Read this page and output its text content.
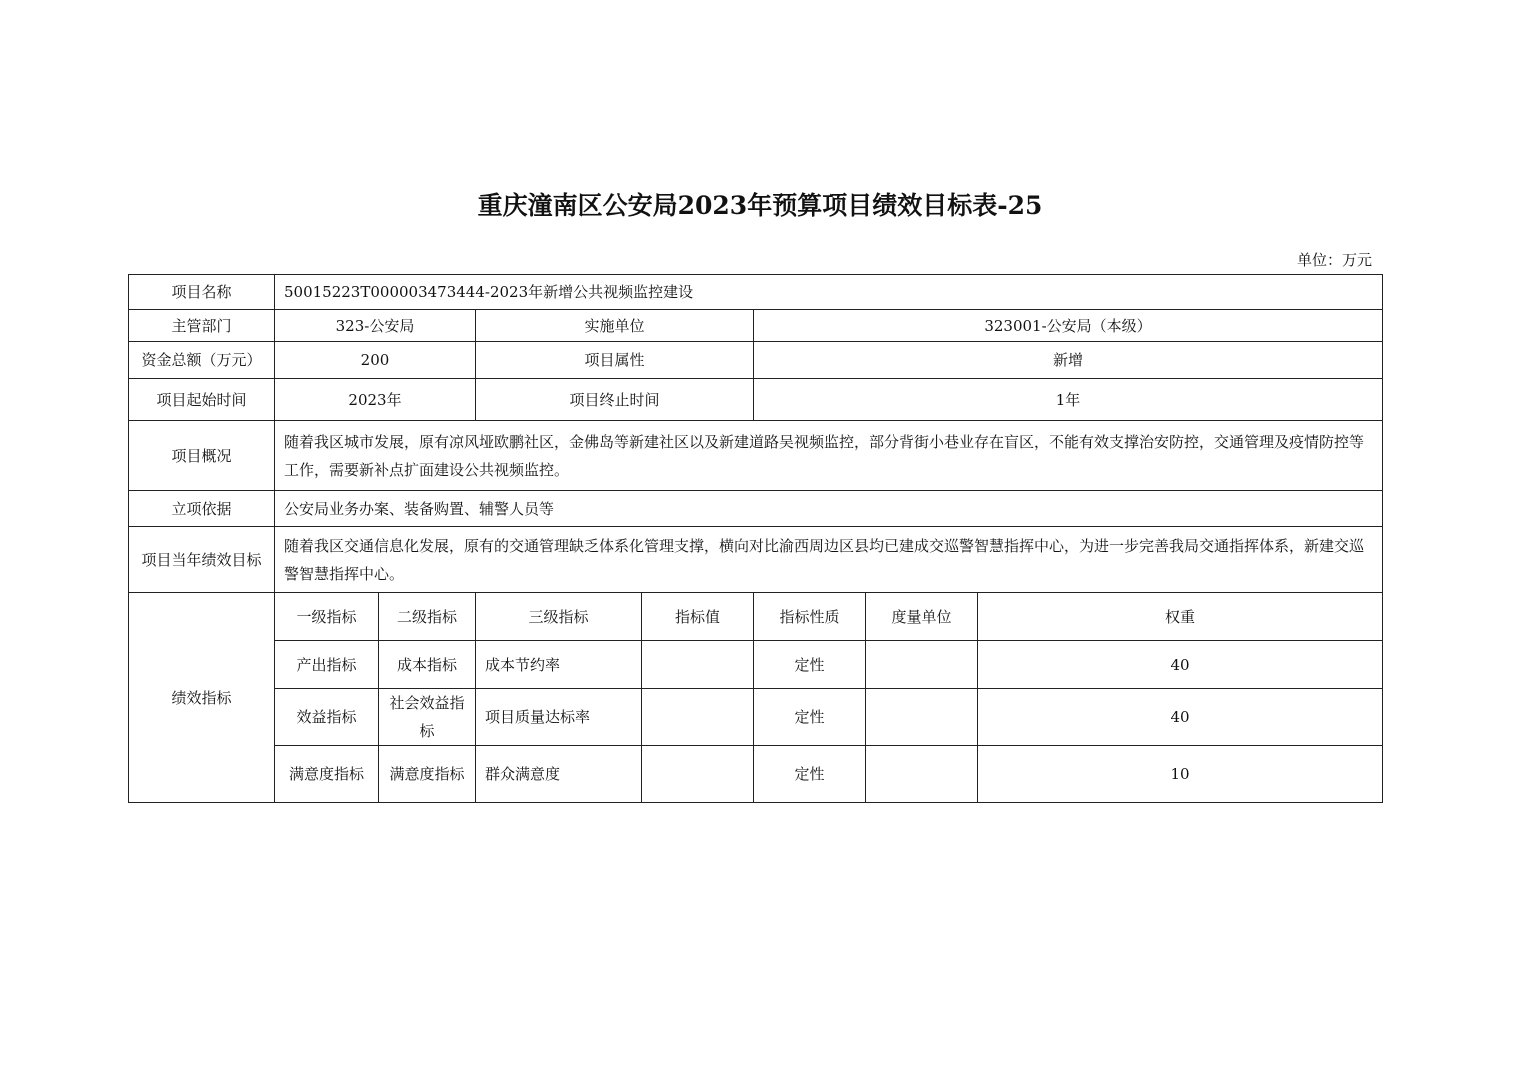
重庆潼南区公安局2023年预算项目绩效目标表-25
单位：万元
项目名称	50015223T000003473444-2023年新增公共视频监控建设						
主管部门	323-公安局		实施单位		323001-公安局（本级）		
资金总额（万元）	200		项目属性		新增		
项目起始时间	2023年		项目终止时间		1年		
项目概况	随着我区城市发展，原有凉风垭欧鹏社区，金佛岛等新建社区以及新建道路吴视频监控，部分背街小巷业存在盲区，不能有效支撑治安防控，交通管理及疫情防控等工作，需要新补点扩面建设公共视频监控。						
立项依据	公安局业务办案、装备购置、辅警人员等						
项目当年绩效目标	随着我区交通信息化发展，原有的交通管理缺乏体系化管理支撑，横向对比渝西周边区县均已建成交巡警智慧指挥中心，为进一步完善我局交通指挥体系，新建交巡警智慧指挥中心。						
绩效指标	一级指标	二级指标	三级指标	指标值	指标性质	度量单位	权重
	产出指标	成本指标	成本节约率		定性		40
	效益指标	社会效益指标	项目质量达标率		定性		40
	满意度指标	满意度指标	群众满意度		定性		10
